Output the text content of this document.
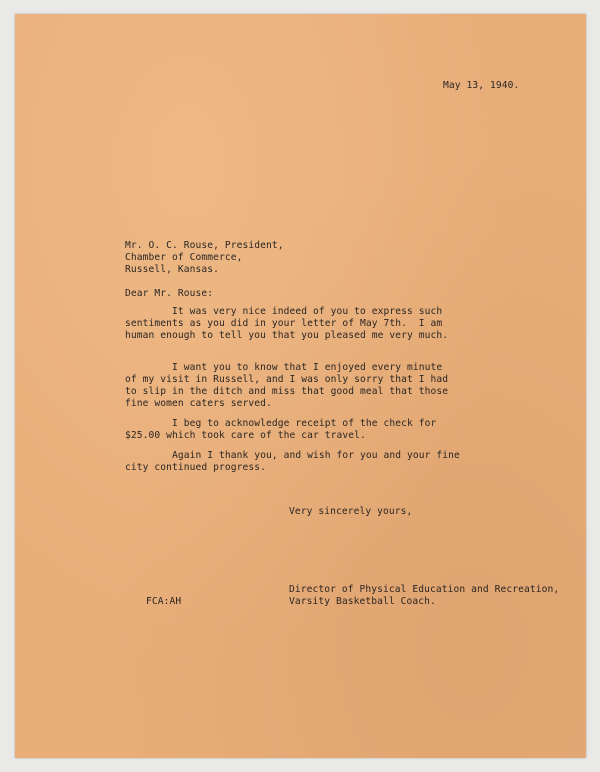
May 13, 1940.
Mr. O. C. Rouse, President,
Chamber of Commerce,
Russell, Kansas.
Dear Mr. Rouse:
It was very nice indeed of you to express such
sentiments as you did in your letter of May 7th.  I am
human enough to tell you that you pleased me very much.
I want you to know that I enjoyed every minute
of my visit in Russell, and I was only sorry that I had
to slip in the ditch and miss that good meal that those
fine women caters served.
I beg to acknowledge receipt of the check for
$25.00 which took care of the car travel.
Again I thank you, and wish for you and your fine
city continued progress.
Very sincerely yours,
Director of Physical Education and Recreation,
Varsity Basketball Coach.
FCA:AH
